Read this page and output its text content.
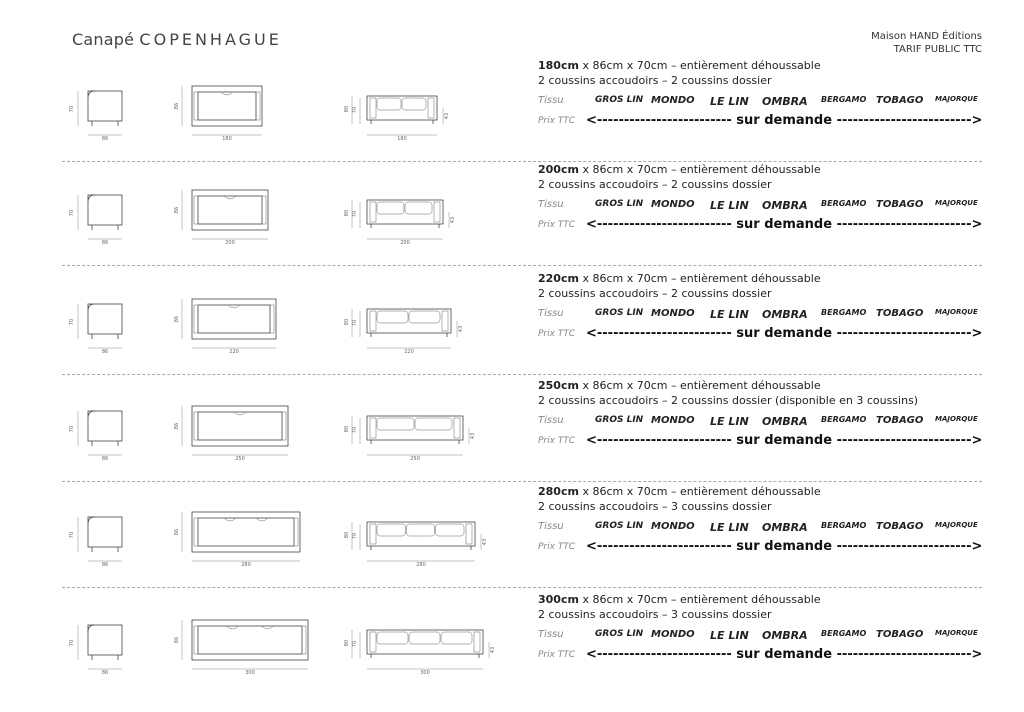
Canapé COPENHAGUE	Maison HAND Éditions
TARIF PUBLIC TTC
70
86
86
180
80 70
43
180
180cm x 86cm x 70cm – entièrement déhoussable
2 coussins accoudoirs – 2 coussins dossier
Tissu	GROS LIN MONDO LE LIN OMBRA BERGAMO TOBAGO MAJORQUE
Prix TTC <------------------------- sur demande ------------------------->
70
86
86
200
80 70
43
200
200cm x 86cm x 70cm – entièrement déhoussable
2 coussins accoudoirs – 2 coussins dossier
Tissu	GROS LIN MONDO LE LIN OMBRA BERGAMO TOBAGO MAJORQUE
Prix TTC <------------------------- sur demande ------------------------->
70
86
86
220
80 70
43
220
220cm x 86cm x 70cm – entièrement déhoussable
2 coussins accoudoirs – 2 coussins dossier
Tissu	GROS LIN MONDO LE LIN OMBRA BERGAMO TOBAGO MAJORQUE
Prix TTC <------------------------- sur demande ------------------------->
70
86
86
250
80 70
43
250
250cm x 86cm x 70cm – entièrement déhoussable
2 coussins accoudoirs – 2 coussins dossier (disponible en 3 coussins)
Tissu	GROS LIN MONDO LE LIN OMBRA BERGAMO TOBAGO MAJORQUE
Prix TTC <------------------------- sur demande ------------------------->
70
86
86
280
80 70
43
280
280cm x 86cm x 70cm – entièrement déhoussable
2 coussins accoudoirs – 3 coussins dossier
Tissu	GROS LIN MONDO LE LIN OMBRA BERGAMO TOBAGO MAJORQUE
Prix TTC <------------------------- sur demande ------------------------->
70
86
86
300
80 70
43
300
300cm x 86cm x 70cm – entièrement déhoussable
2 coussins accoudoirs – 3 coussins dossier
Tissu	GROS LIN MONDO LE LIN OMBRA BERGAMO TOBAGO MAJORQUE
Prix TTC <------------------------- sur demande ------------------------->
